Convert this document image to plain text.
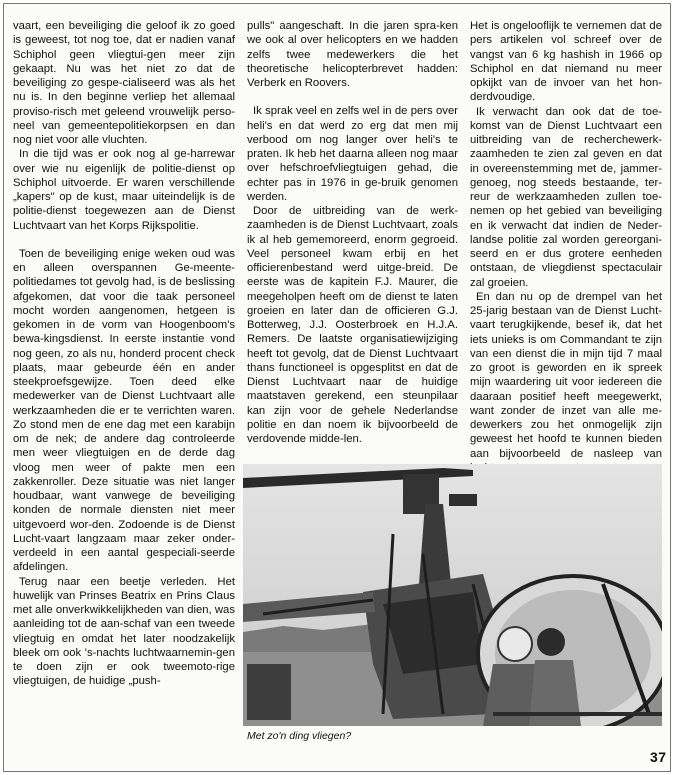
vaart, een beveiliging die geloof ik zo goed is geweest, tot nog toe, dat er nadien vanaf Schiphol geen vliegtui-gen meer zijn gekaapt. Nu was het niet zo dat de beveiliging zo gespe-cialiseerd was als het nu is. In den beginne verliep het allemaal proviso-risch met geleend vrouwelijk perso-neel van gemeentepolitiekorpsen en dan nog niet voor alle vluchten.

In die tijd was er ook nog al ge-harrewar over wie nu eigenlijk de politie-dienst op Schiphol uitvoerde. Er waren verschillende „kapers" op de kust, maar uiteindelijk is de politie-dienst toegewezen aan de Dienst Luchtvaart van het Korps Rijkspolitie.

Toen de beveiliging enige weken oud was en alleen overspannen Ge-meente-politiedames tot gevolg had, is de beslissing afgekomen, dat voor die taak personeel mocht worden aangenomen, hetgeen is gekomen in de vorm van Hoogenboom's bewa-kingsdienst. In eerste instantie vond nog geen, zo als nu, honderd procent check plaats, maar gebeurde één en ander steekproefsgewijze. Toen deed elke medewerker van de Dienst Luchtvaart alle werkzaamheden die er te verrichten waren. Zo stond men de ene dag met een karabijn om de nek; de andere dag controleerde men weer vliegtuigen en de derde dag vloog men weer of pakte men een zakkenroller. Deze situatie was niet langer houdbaar, want vanwege de beveiliging konden de normale diensten niet meer uitgevoerd wor-den. Zodoende is de Dienst Lucht-vaart langzaam maar zeker onder-verdeeld in een aantal gespeciali-seerde afdelingen.

Terug naar een beetje verleden. Het huwelijk van Prinses Beatrix en Prins Claus met alle onverkwikkelijkheden van dien, was aanleiding tot de aan-schaf van een tweede vliegtuig en omdat het later noodzakelijk bleek om ook 's-nachts luchtwaarnemin-gen te doen zijn er ook tweemoto-rige vliegtuigen, de huidige „push-

pulls" aangeschaft. In die jaren spra-ken we ook al over helicopters en we hadden zelfs twee medewerkers die het theoretische helicopterbrevet hadden: Verberk en Roovers.

Ik sprak veel en zelfs wel in de pers over heli's en dat werd zo erg dat men mij verbood om nog langer over heli's te praten. Ik heb het daarna alleen nog maar over hefschroefvliegtuigen gehad, die echter pas in 1976 in ge-bruik genomen werden.

Door de uitbreiding van de werk-zaamheden is de Dienst Luchtvaart, zoals ik al heb gememoreerd, enorm gegroeid. Veel personeel kwam erbij en het officierenbestand werd uitge-breid. De eerste was de kapitein F.J. Maurer, die meegeholpen heeft om de dienst te laten groeien en later dan de officieren G.J. Botterweg, J.J. Oosterbroek en H.J.A. Remers. De laatste organisatiewijziging heeft tot gevolg, dat de Dienst Luchtvaart thans functioneel is opgesplitst en dat de Dienst Luchtvaart naar de huidige maatstaven gerekend, een steunpilaar kan zijn voor de gehele Nederlandse politie en dan noem ik bijvoorbeeld de verdovende midde-len.

Het is ongelooflijk te vernemen dat de pers artikelen vol schreef over de vangst van 6 kg hashish in 1966 op Schiphol en dat niemand nu meer opkijkt van de invoer van het hon-derdvoudige.

Ik verwacht dan ook dat de toe-komst van de Dienst Luchtvaart een uitbreiding van de recherchewerk-zaamheden te zien zal geven en dat in overeenstemming met de, jammer-genoeg, nog steeds bestaande, ter-reur de werkzaamheden zullen toe-nemen op het gebied van beveiliging en ik verwacht dat indien de Neder-landse politie zal worden gereorgani-seerd en er dus grotere eenheden ontstaan, de vliegdienst spectaculair zal groeien.

En dan nu op de drempel van het 25-jarig bestaan van de Dienst Lucht-vaart terugkijkende, besef ik, dat het iets unieks is om Commandant te zijn van een dienst die in mijn tijd 7 maal zo groot is geworden en ik spreek mijn waardering uit voor iedereen die daaraan positief heeft meegewerkt, want zonder de inzet van alle me-dewerkers zou het onmogelijk zijn geweest het hoofd te kunnen bieden aan bijvoorbeeld de nasleep van

Met zo'n ding vliegen?
37
